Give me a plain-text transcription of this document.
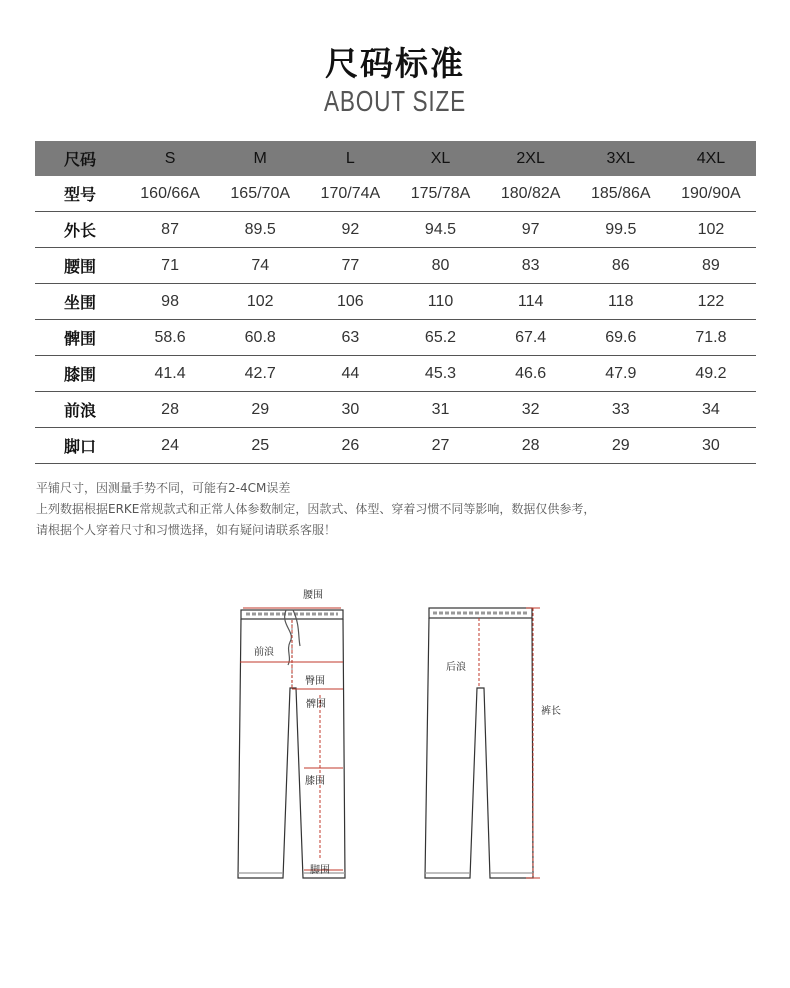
尺码标准
ABOUT SIZE
尺码	S	M	L	XL	2XL	3XL	4XL
型号	160/66A	165/70A	170/74A	175/78A	180/82A	185/86A	190/90A
外长	87	89.5	92	94.5	97	99.5	102
腰围	71	74	77	80	83	86	89
坐围	98	102	106	110	114	118	122
髀围	58.6	60.8	63	65.2	67.4	69.6	71.8
膝围	41.4	42.7	44	45.3	46.6	47.9	49.2
前浪	28	29	30	31	32	33	34
脚口	24	25	26	27	28	29	30
平铺尺寸，因测量手势不同，可能有2-4CM误差
上列数据根据ERKE常规款式和正常人体参数制定，因款式、体型、穿着习惯不同等影响，数据仅供参考，
请根据个人穿着尺寸和习惯选择，如有疑问请联系客服！
腰围
前浪
臀围
髀围
膝围
脚围
后浪
裤长
